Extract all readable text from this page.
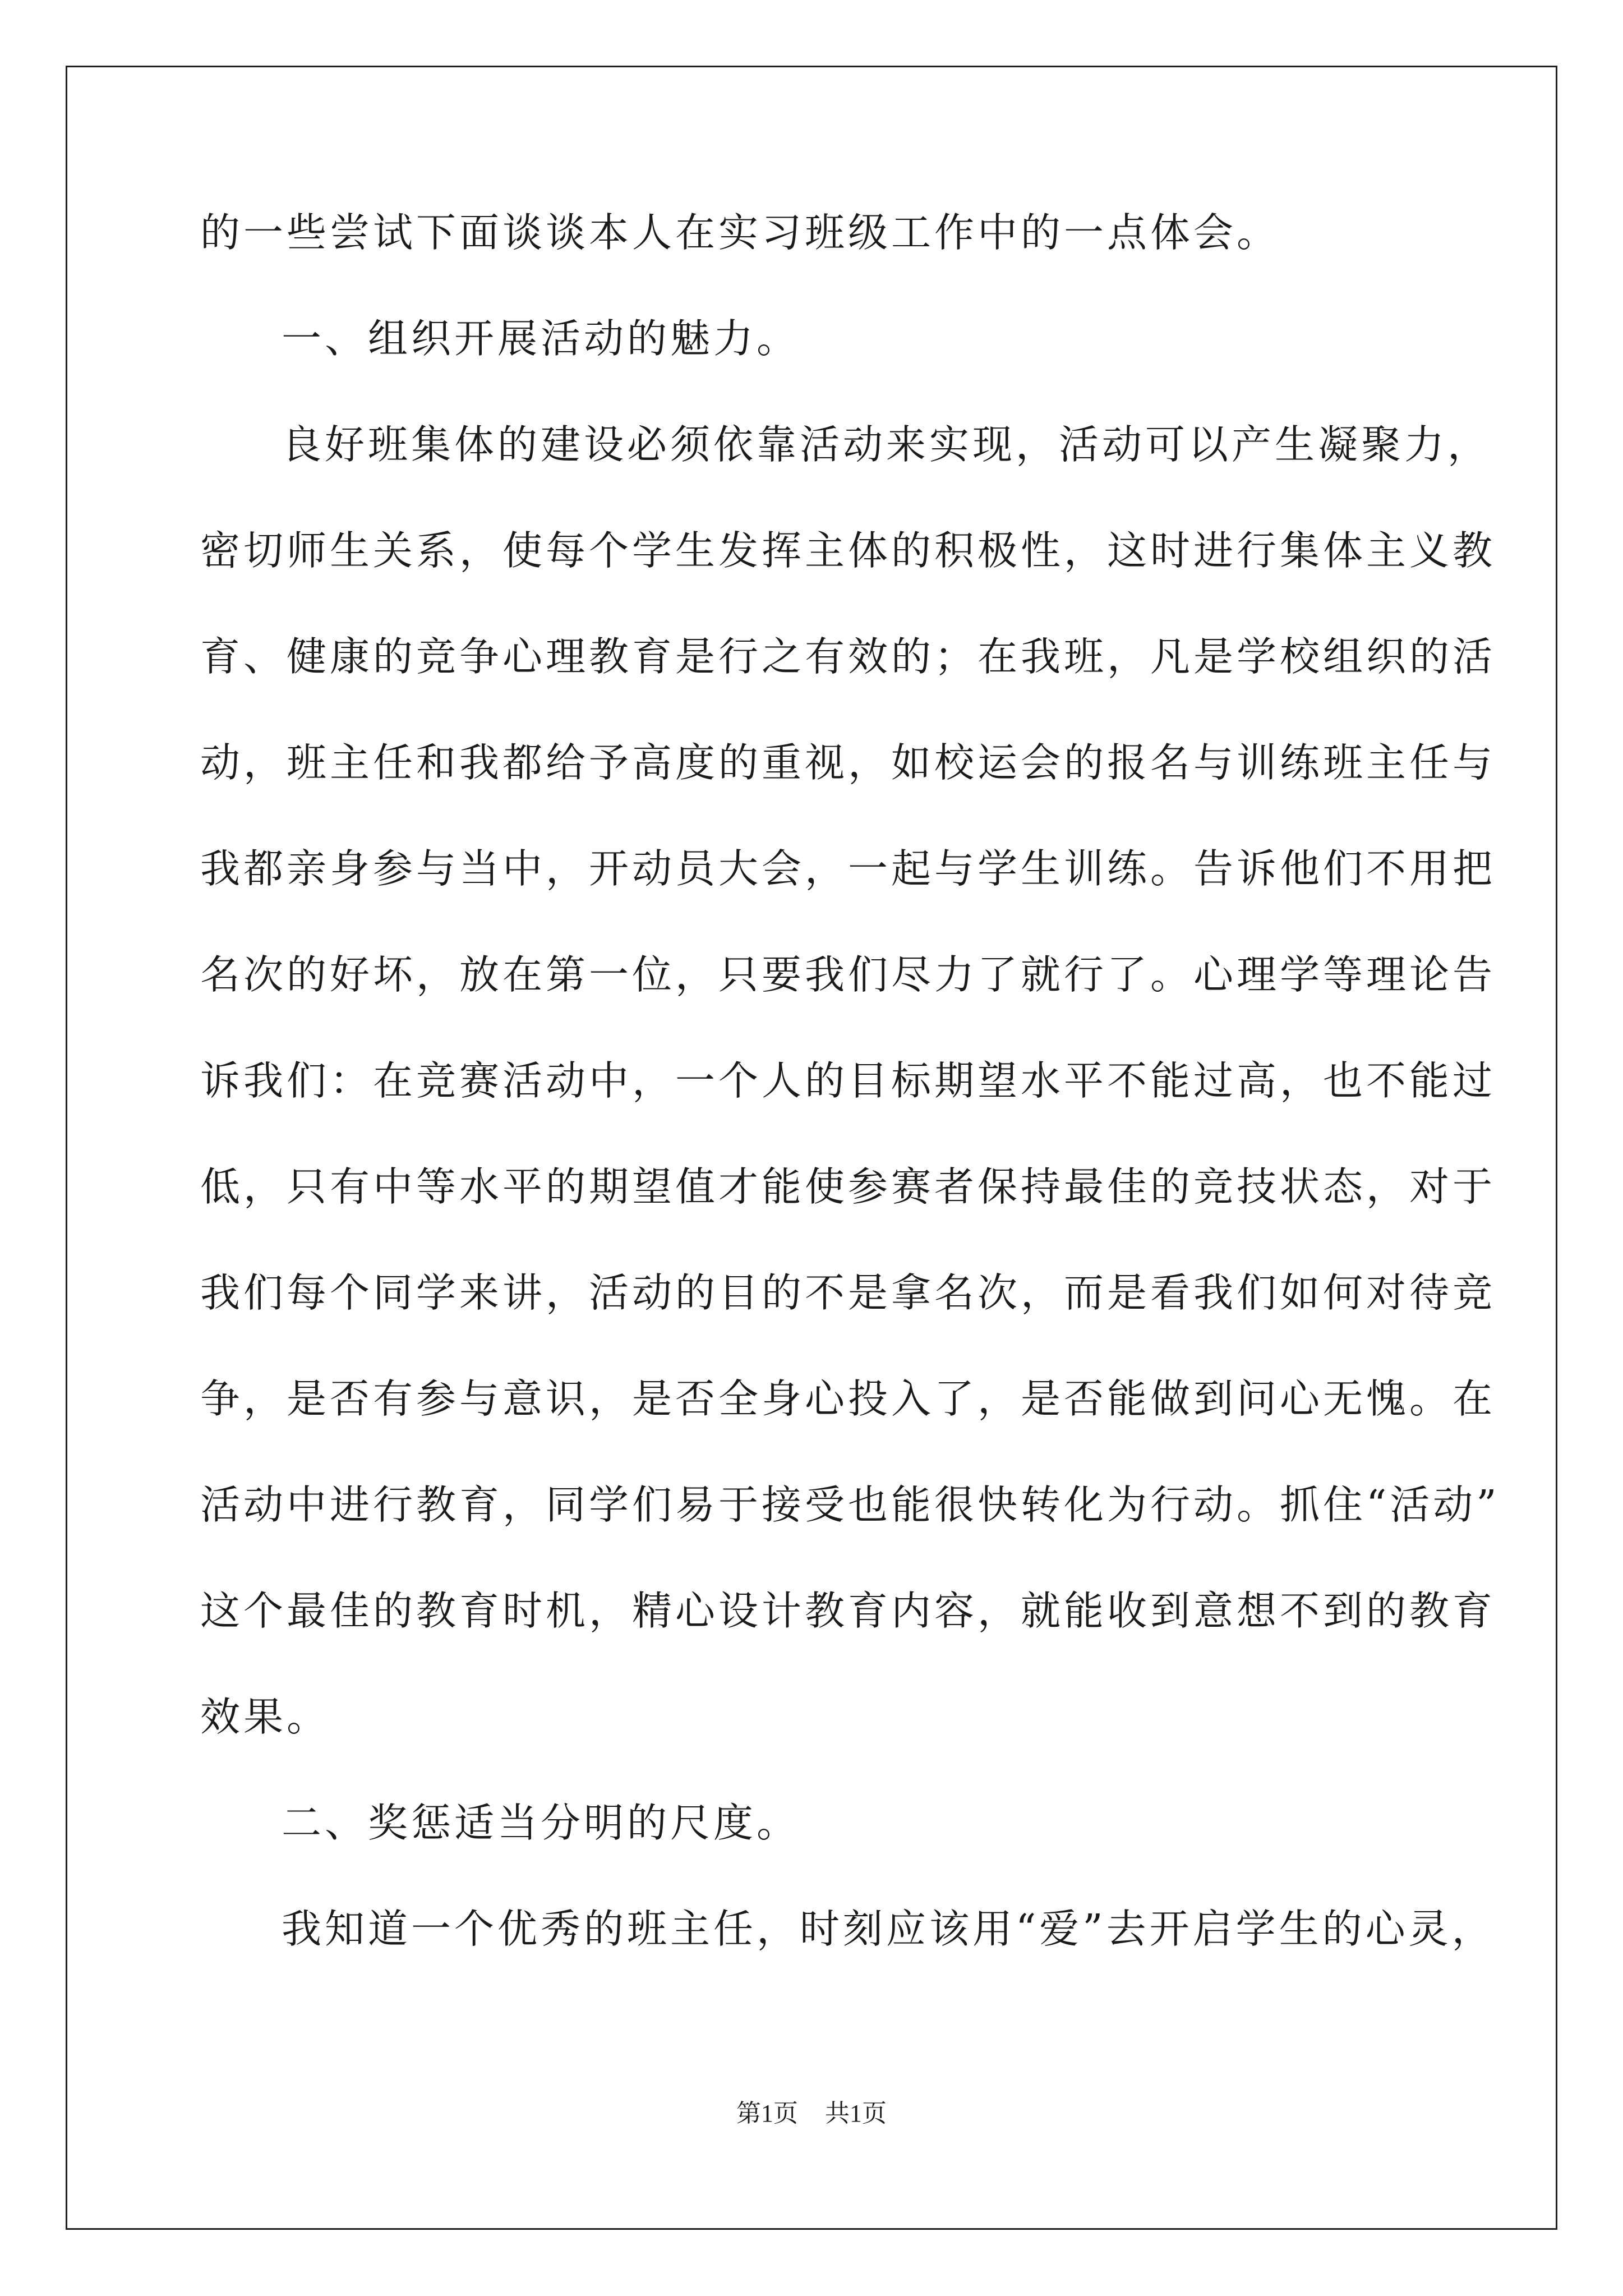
的一些尝试下面谈谈本人在实习班级工作中的一点体会。
一、组织开展活动的魅力。
良好班集体的建设必须依靠活动来实现，活动可以产生凝聚力，
密切师生关系，使每个学生发挥主体的积极性，这时进行集体主义教
育、健康的竞争心理教育是行之有效的；在我班，凡是学校组织的活
动，班主任和我都给予高度的重视，如校运会的报名与训练班主任与
我都亲身参与当中，开动员大会，一起与学生训练。告诉他们不用把
名次的好坏，放在第一位，只要我们尽力了就行了。心理学等理论告
诉我们：在竞赛活动中，一个人的目标期望水平不能过高，也不能过
低，只有中等水平的期望值才能使参赛者保持最佳的竞技状态，对于
我们每个同学来讲，活动的目的不是拿名次，而是看我们如何对待竞
争，是否有参与意识，是否全身心投入了，是否能做到问心无愧。在
活动中进行教育，同学们易于接受也能很快转化为行动。抓住“活动”
这个最佳的教育时机，精心设计教育内容，就能收到意想不到的教育
效果。
二、奖惩适当分明的尺度。
我知道一个优秀的班主任，时刻应该用“爱”去开启学生的心灵，
第1页 共1页
